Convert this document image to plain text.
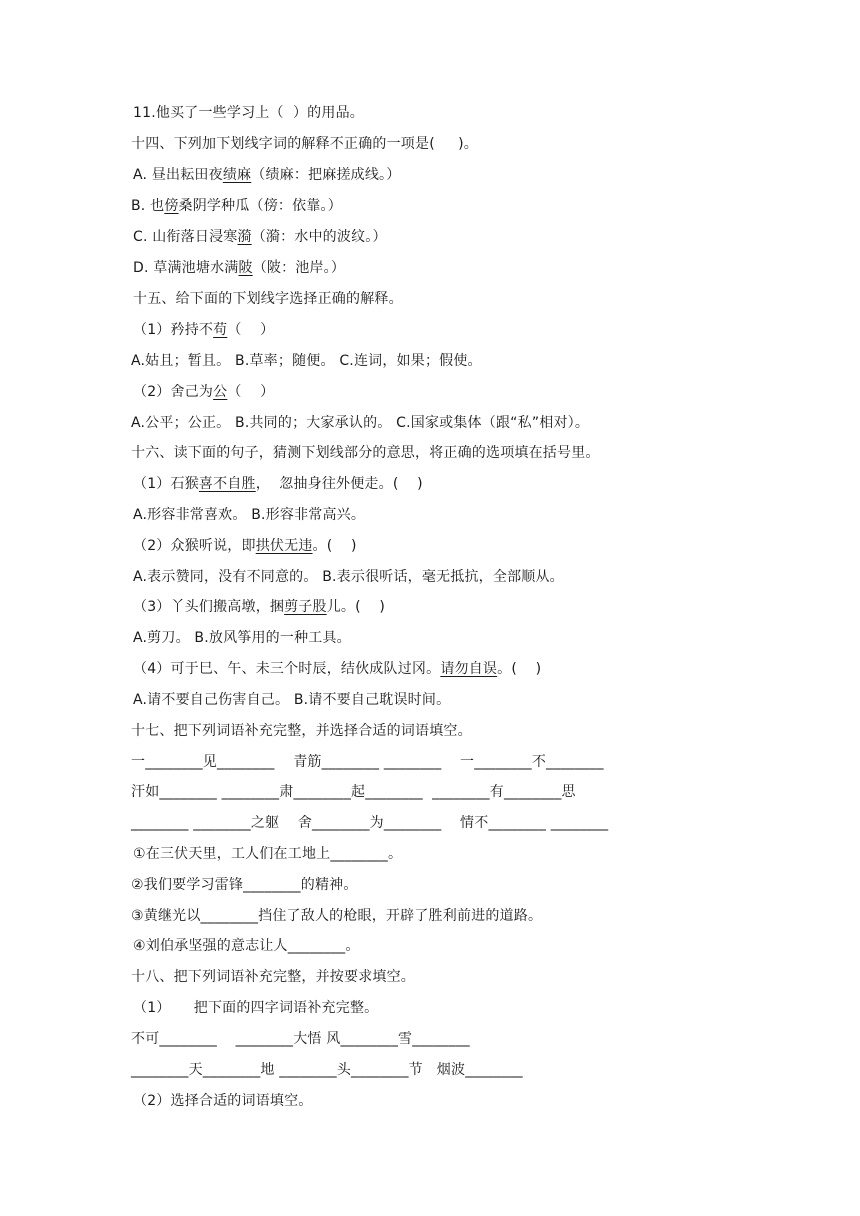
11.他买了一些学习上（  ）的用品。
十四、下列加下划线字词的解释不正确的一项是(     )。
A. 昼出耘田夜绩麻（绩麻：把麻搓成线。）
B. 也傍桑阴学种瓜（傍：依靠。）
C. 山衔落日浸寒漪（漪：水中的波纹。）
D. 草满池塘水满陂（陂：池岸。）
十五、给下面的下划线字选择正确的解释。
（1）矜持不苟（    ）
A.姑且；暂且。 B.草率；随便。 C.连词，如果；假使。
（2）舍己为公（    ）
A.公平；公正。 B.共同的；大家承认的。 C.国家或集体（跟“私”相对）。
十六、读下面的句子，猜测下划线部分的意思，将正确的选项填在括号里。
（1）石猴喜不自胜，  忽抽身往外便走。(    )
A.形容非常喜欢。 B.形容非常高兴。
（2）众猴听说，即拱伏无违。(    )
A.表示赞同，没有不同意的。 B.表示很听话，毫无抵抗，全部顺从。
（3）丫头们搬高墩，捆剪子股儿。(    )
A.剪刀。 B.放风筝用的一种工具。
（4）可于巳、午、未三个时辰，结伙成队过冈。请勿自误。(    )
A.请不要自己伤害自己。 B.请不要自己耽误时间。
十七、把下列词语补充完整，并选择合适的词语填空。
一________见________    青筋________ ________    一________不________
汗如________ ________肃________起________  ________有________思
________ ________之躯    舍________为________    情不________ ________
①在三伏天里，工人们在工地上________。
②我们要学习雷锋________的精神。
③黄继光以________挡住了敌人的枪眼，开辟了胜利前进的道路。
④刘伯承坚强的意志让人________。
十八、把下列词语补充完整，并按要求填空。
（1）     把下面的四字词语补充完整。
不可________    ________大悟 风________雪________
________天________地 ________头________节   烟波________
（2）选择合适的词语填空。
